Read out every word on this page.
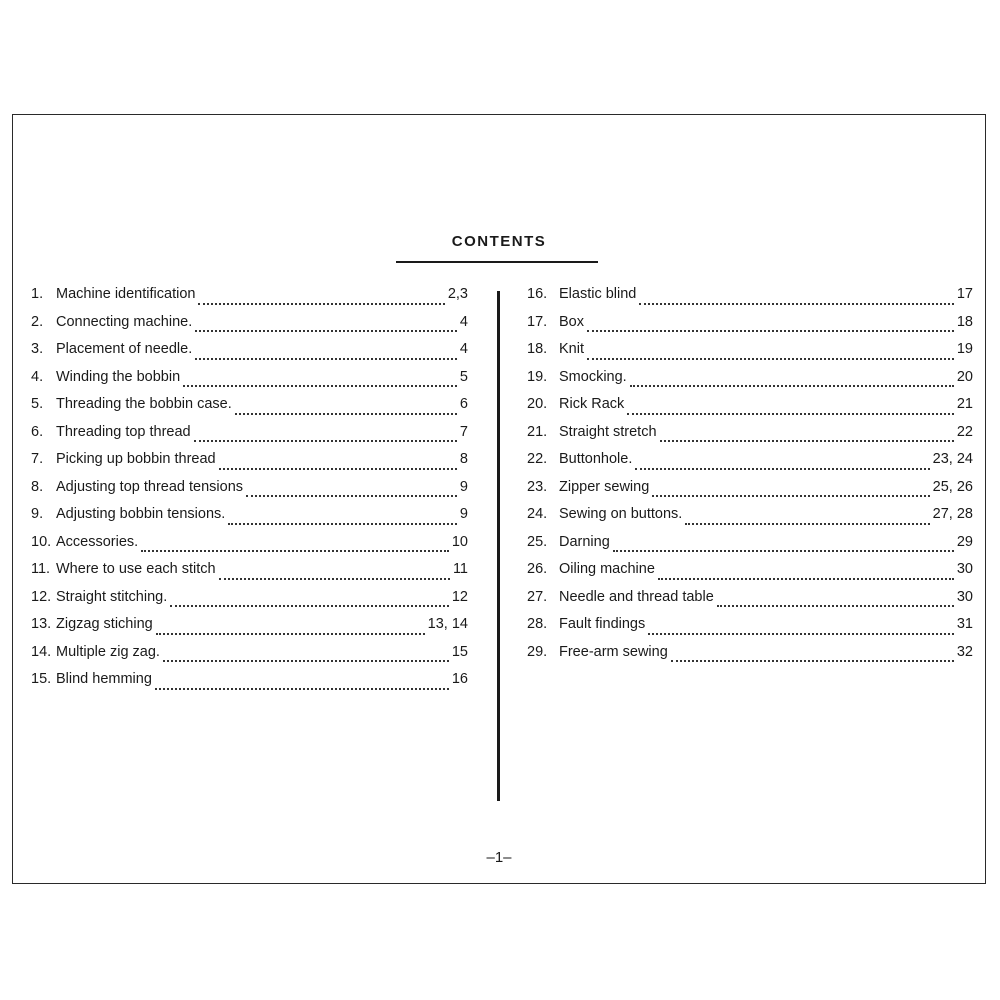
CONTENTS
1. Machine identification	2,3
2. Connecting machine.	4
3. Placement of needle.	4
4. Winding the bobbin	5
5. Threading the bobbin case.	6
6. Threading top thread	7
7. Picking up bobbin thread	8
8. Adjusting top thread tensions	9
9. Adjusting bobbin tensions.	9
10. Accessories.	10
11. Where to use each stitch	11
12. Straight stitching.	12
13. Zigzag stiching	13, 14
14. Multiple zig zag.	15
15. Blind hemming	16
16. Elastic blind	17
17. Box	18
18. Knit	19
19. Smocking.	20
20. Rick Rack	21
21. Straight stretch	22
22. Buttonhole.	23, 24
23. Zipper sewing	25, 26
24. Sewing on buttons.	27, 28
25. Darning	29
26. Oiling machine	30
27. Needle and thread table	30
28. Fault findings	31
29. Free-arm sewing	32
–1–
